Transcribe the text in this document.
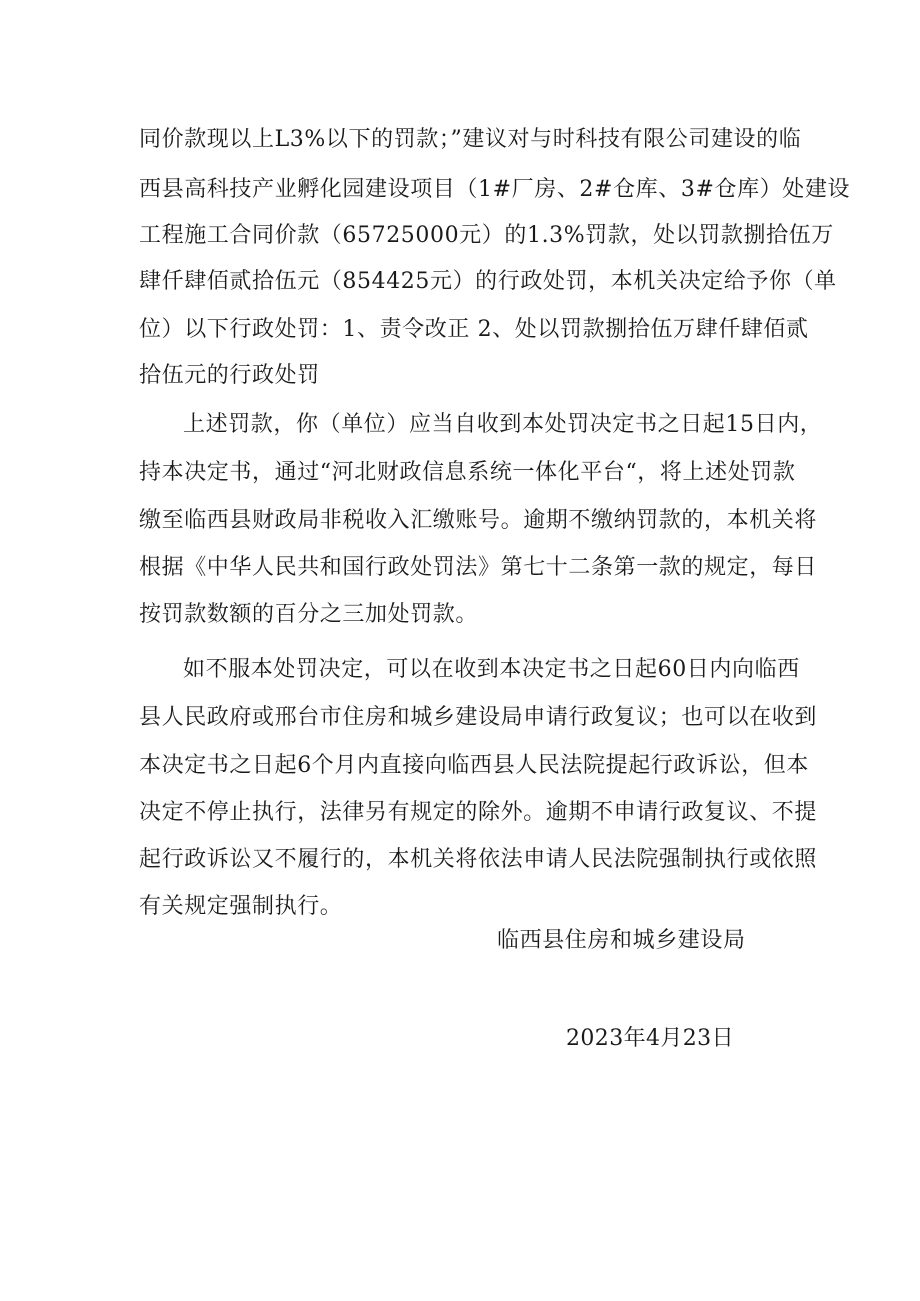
同价款现以上L3%以下的罚款；”建议对与时科技有限公司建设的临
西县高科技产业孵化园建设项目（1#厂房、2#仓库、3#仓库）处建设
工程施工合同价款（65725000元）的1.3%罚款，处以罚款捌拾伍万
肆仟肆佰贰拾伍元（854425元）的行政处罚，本机关决定给予你（单
位）以下行政处罚：1、责令改正 2、处以罚款捌拾伍万肆仟肆佰贰
拾伍元的行政处罚
上述罚款，你（单位）应当自收到本处罚决定书之日起15日内，
持本决定书，通过“河北财政信息系统一体化平台“，将上述处罚款
缴至临西县财政局非税收入汇缴账号。逾期不缴纳罚款的，本机关将
根据《中华人民共和国行政处罚法》第七十二条第一款的规定，每日
按罚款数额的百分之三加处罚款。
如不服本处罚决定，可以在收到本决定书之日起60日内向临西
县人民政府或邢台市住房和城乡建设局申请行政复议；也可以在收到
本决定书之日起6个月内直接向临西县人民法院提起行政诉讼，但本
决定不停止执行，法律另有规定的除外。逾期不申请行政复议、不提
起行政诉讼又不履行的，本机关将依法申请人民法院强制执行或依照
有关规定强制执行。
临西县住房和城乡建设局
2023年4月23日
